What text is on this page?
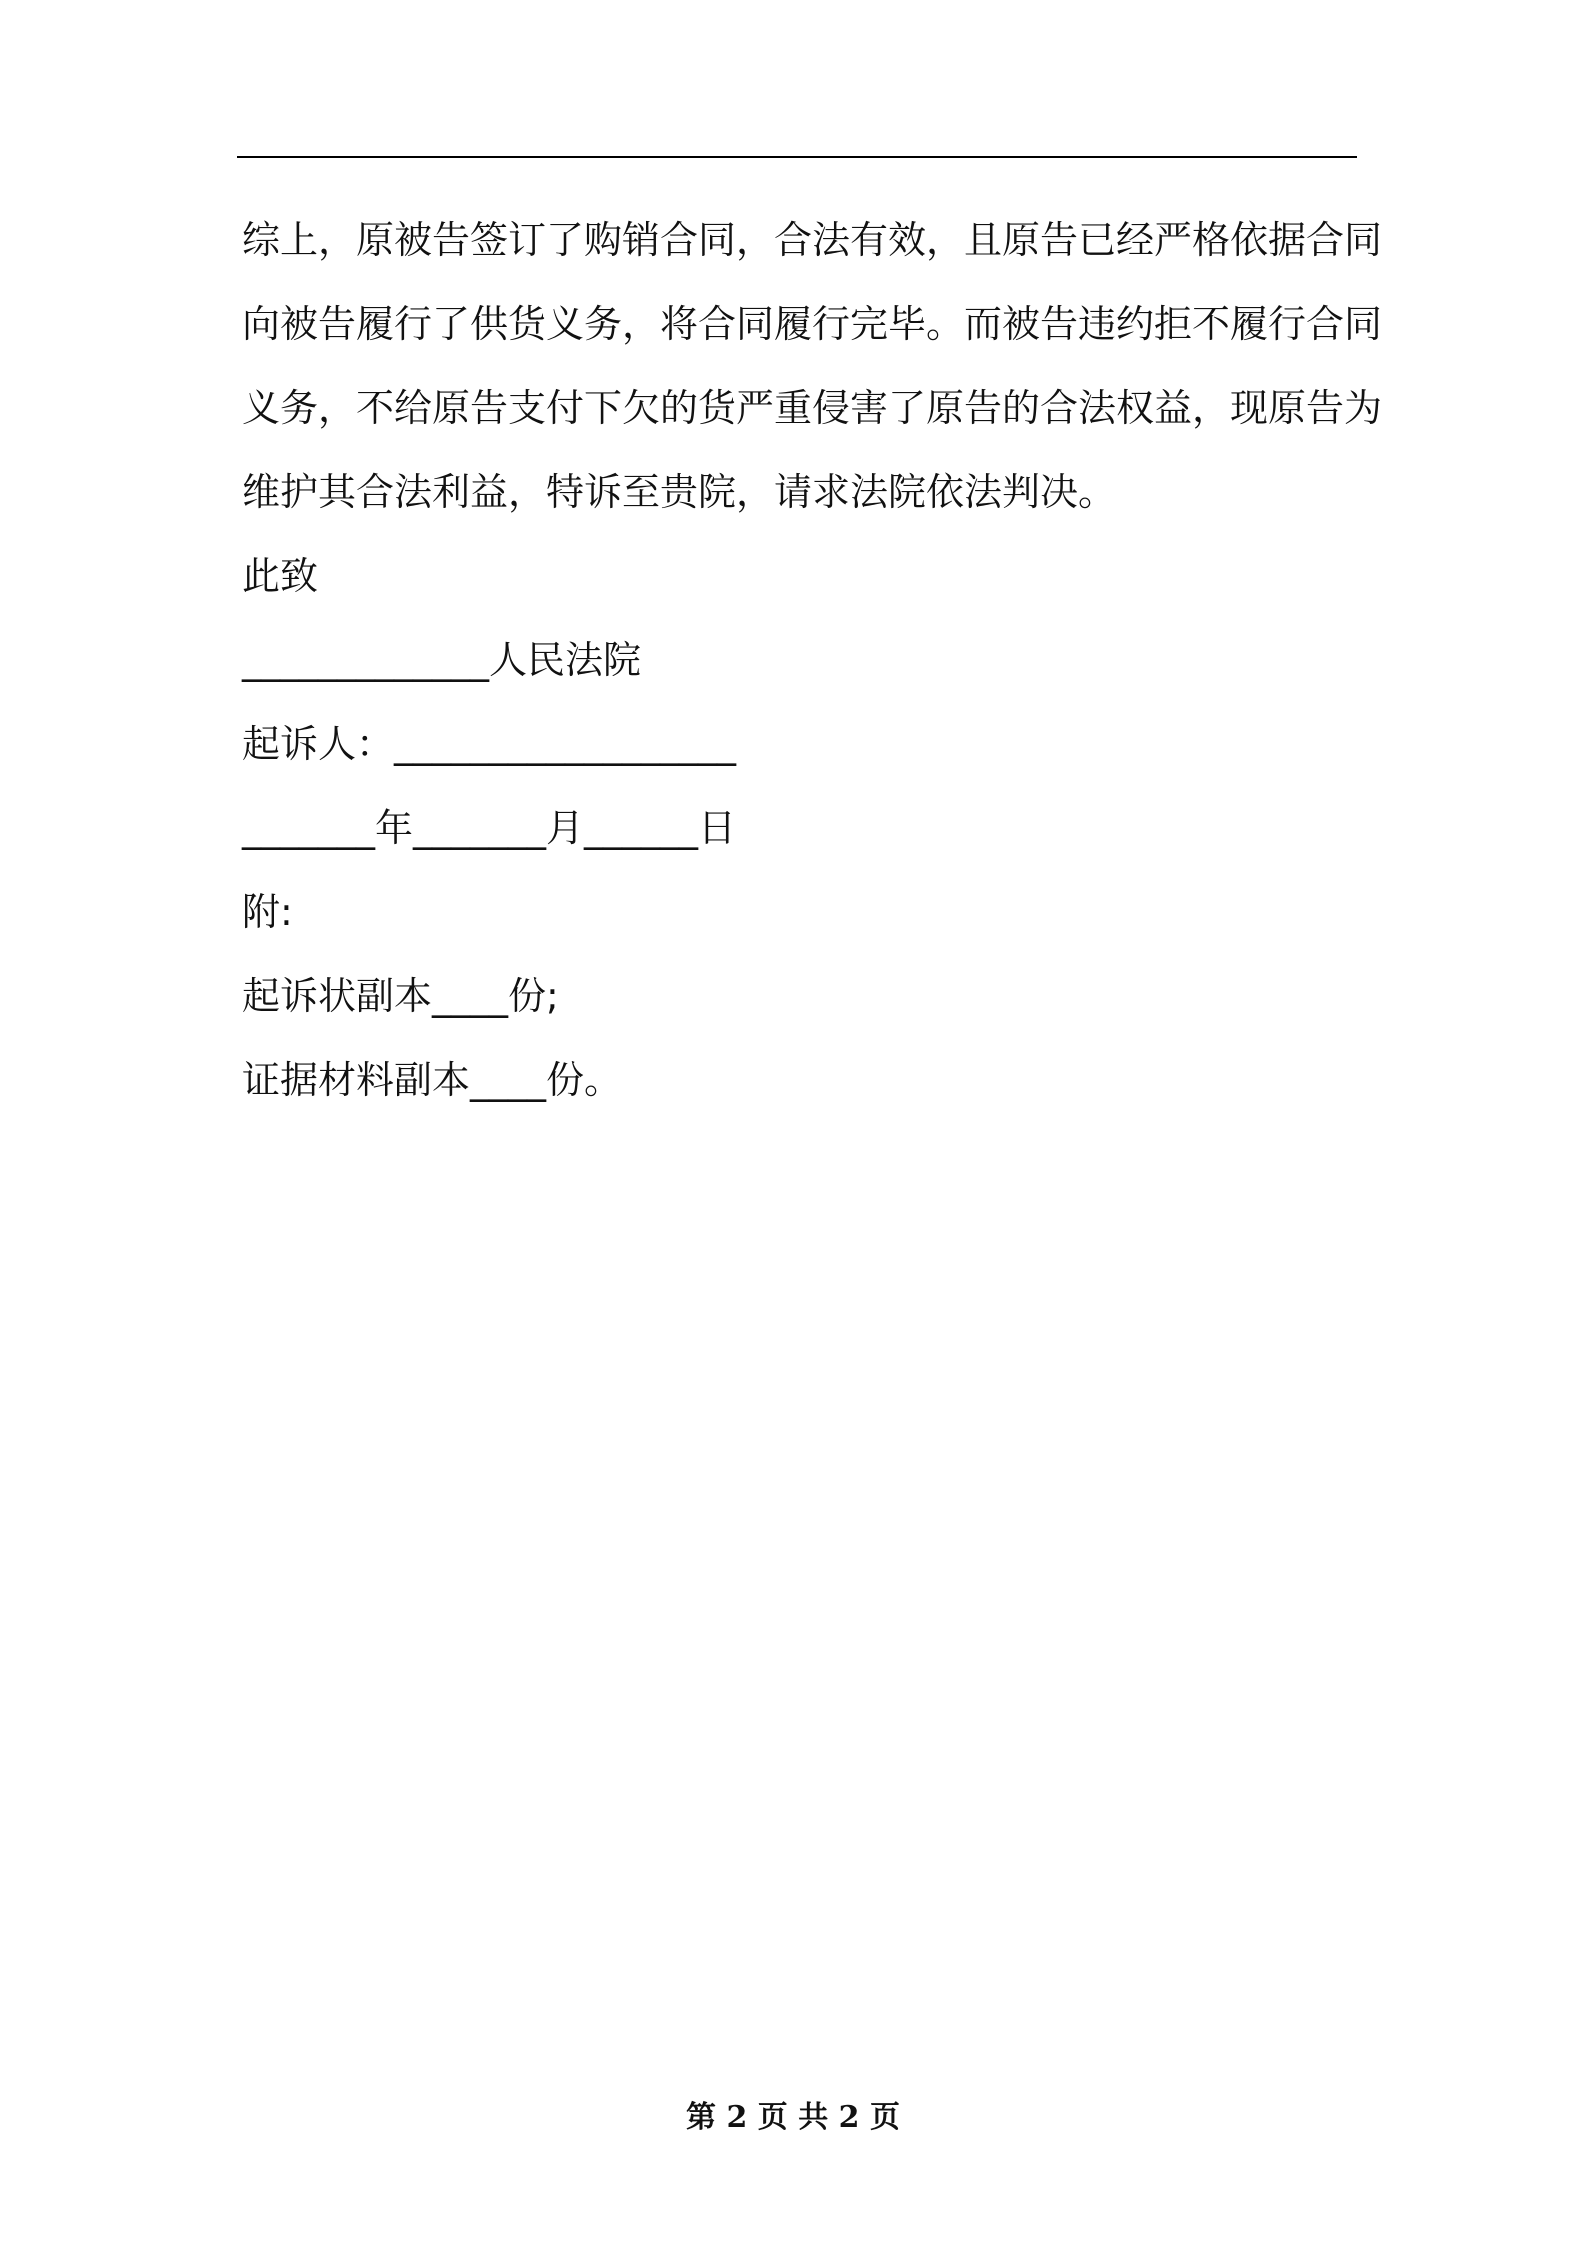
综上，原被告签订了购销合同，合法有效，且原告已经严格依据合同
向被告履行了供货义务，将合同履行完毕。而被告违约拒不履行合同
义务，不给原告支付下欠的货严重侵害了原告的合法权益，现原告为
维护其合法利益，特诉至贵院，请求法院依法判决。
此致
_____________人民法院
起诉人：__________________
_______年_______月______日
附:
起诉状副本____份;
证据材料副本____份。
第 2 页 共 2 页
